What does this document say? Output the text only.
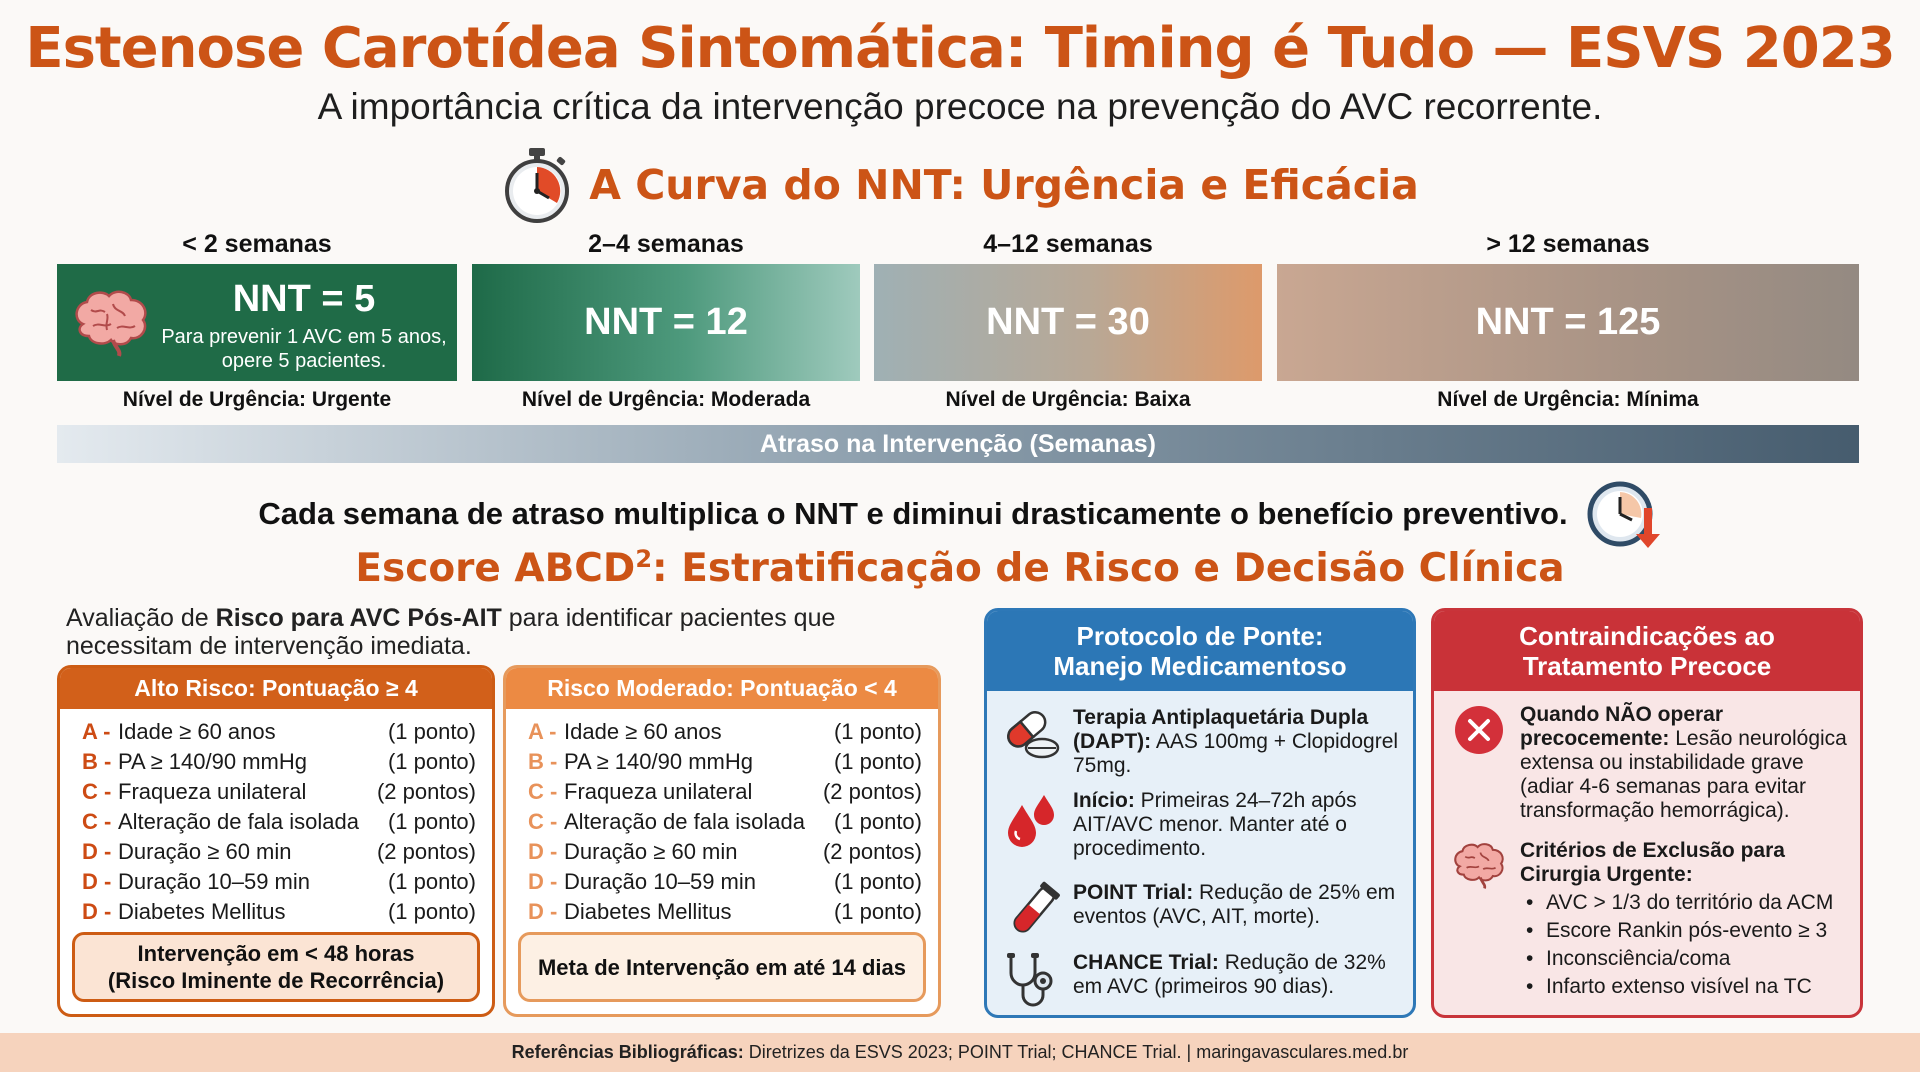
Estenose Carotídea Sintomática: Timing é Tudo — ESVS 2023
A importância crítica da intervenção precoce na prevenção do AVC recorrente.
A Curva do NNT: Urgência e Eficácia
< 2 semanas	2–4 semanas	4–12 semanas	> 12 semanas
NNT = 5
Para prevenir 1 AVC em 5 anos, opere 5 pacientes.
NNT = 12	NNT = 30	NNT = 125
Nível de Urgência: Urgente	Nível de Urgência: Moderada	Nível de Urgência: Baixa	Nível de Urgência: Mínima
Atraso na Intervenção (Semanas)
Cada semana de atraso multiplica o NNT e diminui drasticamente o benefício preventivo.
Escore ABCD$^2$: Estratificação de Risco e Decisão Clínica
Avaliação de Risco para AVC Pós-AIT para identificar pacientes que necessitam de intervenção imediata.
Alto Risco: Pontuação ≥ 4
A - Idade ≥ 60 anos	(1 ponto)
B - PA ≥ 140/90 mmHg	(1 ponto)
C - Fraqueza unilateral	(2 pontos)
C - Alteração de fala isolada	(1 ponto)
D - Duração ≥ 60 min	(2 pontos)
D - Duração 10–59 min	(1 ponto)
D - Diabetes Mellitus	(1 ponto)
Intervenção em < 48 horas
(Risco Iminente de Recorrência)
Risco Moderado: Pontuação < 4
A - Idade ≥ 60 anos	(1 ponto)
B - PA ≥ 140/90 mmHg	(1 ponto)
C - Fraqueza unilateral	(2 pontos)
C - Alteração de fala isolada	(1 ponto)
D - Duração ≥ 60 min	(2 pontos)
D - Duração 10–59 min	(1 ponto)
D - Diabetes Mellitus	(1 ponto)
Meta de Intervenção em até 14 dias
Protocolo de Ponte:
Manejo Medicamentoso
Terapia Antiplaquetária Dupla (DAPT): AAS 100mg + Clopidogrel 75mg.
Início: Primeiras 24–72h após AIT/AVC menor. Manter até o procedimento.
POINT Trial: Redução de 25% em eventos (AVC, AIT, morte).
CHANCE Trial: Redução de 32% em AVC (primeiros 90 dias).
Contraindicações ao
Tratamento Precoce
Quando NÃO operar precocemente: Lesão neurológica extensa ou instabilidade grave (adiar 4-6 semanas para evitar transformação hemorrágica).
Critérios de Exclusão para Cirurgia Urgente:
• AVC > 1/3 do território da ACM
• Escore Rankin pós-evento ≥ 3
• Inconsciência/coma
• Infarto extenso visível na TC
Referências Bibliográficas: Diretrizes da ESVS 2023; POINT Trial; CHANCE Trial. | maringavasculares.med.br
